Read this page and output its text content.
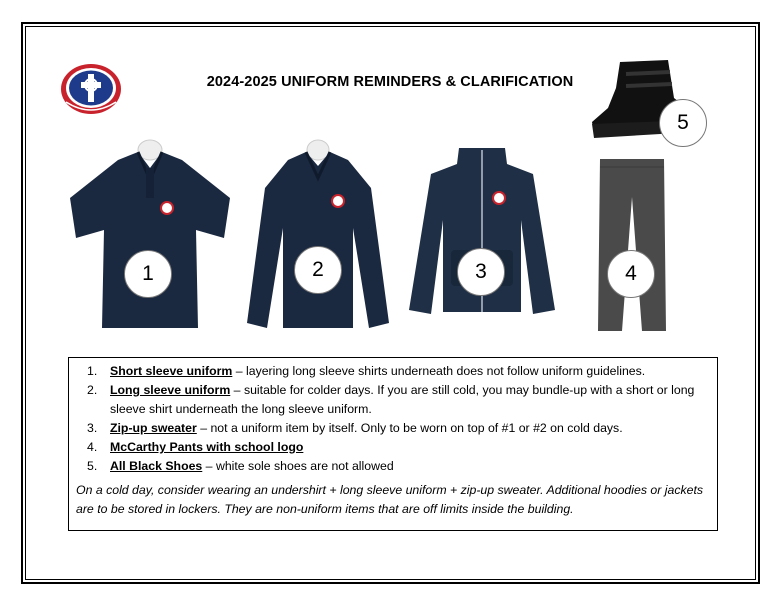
2024-2025 UNIFORM REMINDERS & CLARIFICATION
1	2	3	4
5
1.	Short sleeve uniform – layering long sleeve shirts underneath does not follow uniform guidelines.
2.	Long sleeve uniform – suitable for colder days. If you are still cold, you may bundle-up with a short or long sleeve shirt underneath the long sleeve uniform.
3.	Zip-up sweater – not a uniform item by itself. Only to be worn on top of #1 or #2 on cold days.
4.	McCarthy Pants with school logo
5.	All Black Shoes – white sole shoes are not allowed
On a cold day, consider wearing an undershirt + long sleeve uniform + zip-up sweater. Additional hoodies or jackets are to be stored in lockers. They are non-uniform items that are off limits inside the building.
